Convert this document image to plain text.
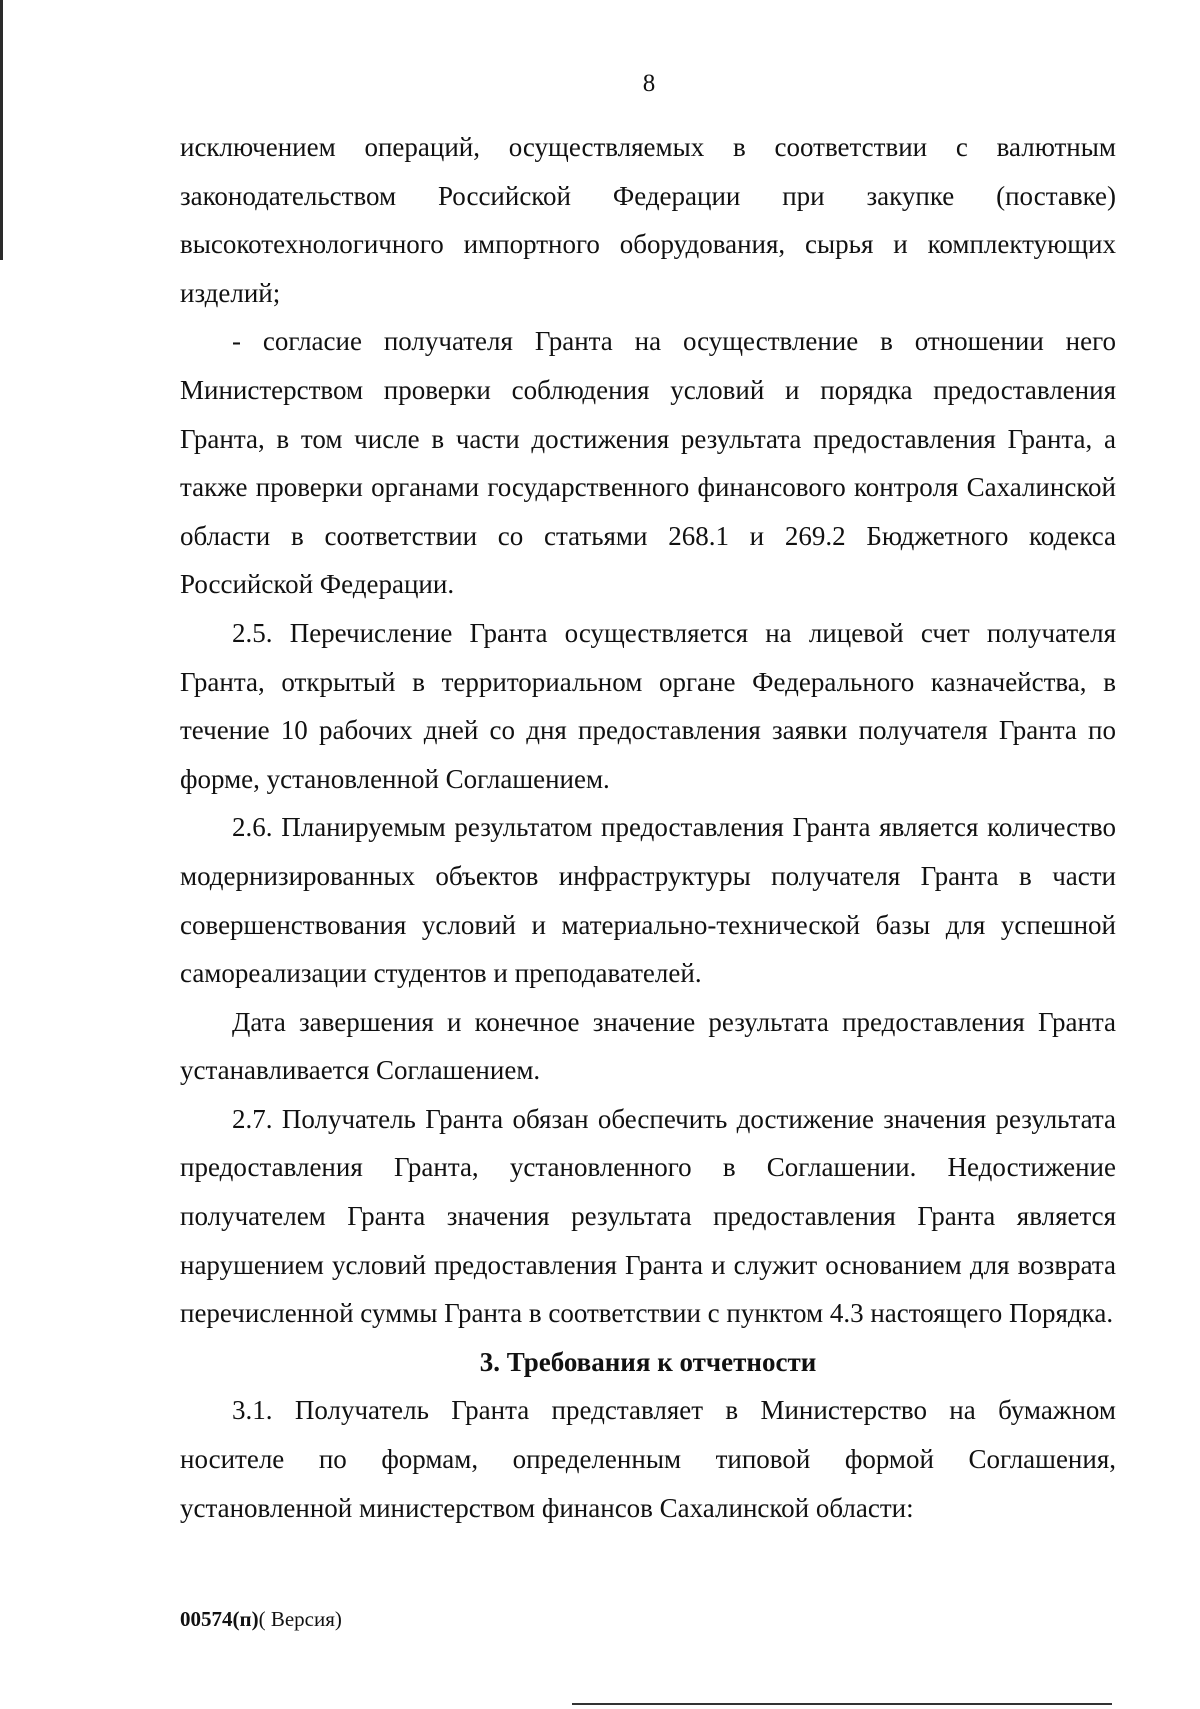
8

исключением операций, осуществляемых в соответствии с валютным законодательством Российской Федерации при закупке (поставке) высокотехнологичного импортного оборудования, сырья и комплектующих изделий;

- согласие получателя Гранта на осуществление в отношении него Министерством проверки соблюдения условий и порядка предоставления Гранта, в том числе в части достижения результата предоставления Гранта, а также проверки органами государственного финансового контроля Сахалинской области в соответствии со статьями 268.1 и 269.2 Бюджетного кодекса Российской Федерации.

2.5. Перечисление Гранта осуществляется на лицевой счет получателя Гранта, открытый в территориальном органе Федерального казначейства, в течение 10 рабочих дней со дня предоставления заявки получателя Гранта по форме, установленной Соглашением.

2.6. Планируемым результатом предоставления Гранта является количество модернизированных объектов инфраструктуры получателя Гранта в части совершенствования условий и материально-технической базы для успешной самореализации студентов и преподавателей.

Дата завершения и конечное значение результата предоставления Гранта устанавливается Соглашением.

2.7. Получатель Гранта обязан обеспечить достижение значения результата предоставления Гранта, установленного в Соглашении. Недостижение получателем Гранта значения результата предоставления Гранта является нарушением условий предоставления Гранта и служит основанием для возврата перечисленной суммы Гранта в соответствии с пунктом 4.3 настоящего Порядка.

3. Требования к отчетности

3.1. Получатель Гранта представляет в Министерство на бумажном носителе по формам, определенным типовой формой Соглашения, установленной министерством финансов Сахалинской области:

00574(п)( Версия)
